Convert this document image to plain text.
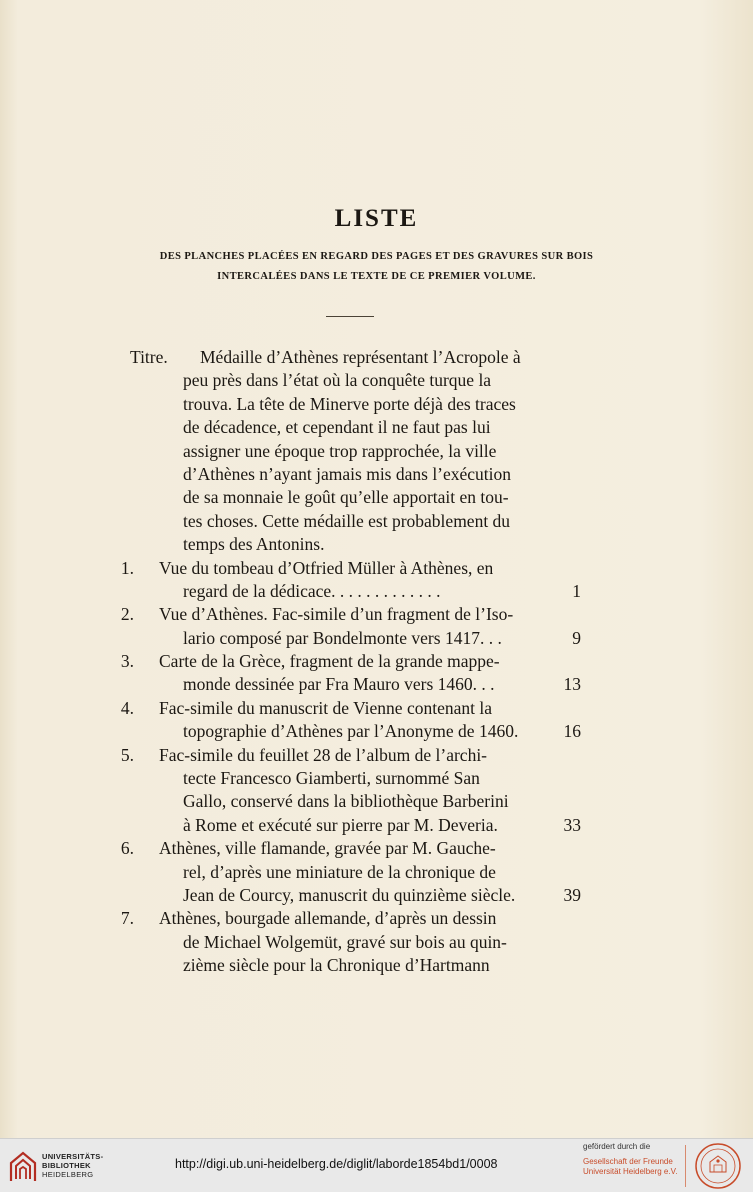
LISTE
DES PLANCHES PLACÉES EN REGARD DES PAGES ET DES GRAVURES SUR BOIS
INTERCALÉES DANS LE TEXTE DE CE PREMIER VOLUME.
Titre. Médaille d’Athènes représentant l’Acropole à
peu près dans l’état où la conquête turque la
trouva. La tête de Minerve porte déjà des traces
de décadence, et cependant il ne faut pas lui
assigner une époque trop rapprochée, la ville
d’Athènes n’ayant jamais mis dans l’exécution
de sa monnaie le goût qu’elle apportait en tou-
tes choses. Cette médaille est probablement du
temps des Antonins.
1. Vue du tombeau d’Otfried Müller à Athènes, en
regard de la dédicace. . . . . . . . . . . . .	1
2. Vue d’Athènes. Fac-simile d’un fragment de l’Iso-
lario composé par Bondelmonte vers 1417. . .	9
3. Carte de la Grèce, fragment de la grande mappe-
monde dessinée par Fra Mauro vers 1460. . .	13
4. Fac-simile du manuscrit de Vienne contenant la
topographie d’Athènes par l’Anonyme de 1460.	16
5. Fac-simile du feuillet 28 de l’album de l’archi-
tecte Francesco Giamberti, surnommé San
Gallo, conservé dans la bibliothèque Barberini
à Rome et exécuté sur pierre par M. Deveria.	33
6. Athènes, ville flamande, gravée par M. Gauche-
rel, d’après une miniature de la chronique de
Jean de Courcy, manuscrit du quinzième siècle.	39
7. Athènes, bourgade allemande, d’après un dessin
de Michael Wolgemüt, gravé sur bois au quin-
zième siècle pour la Chronique d’Hartmann
UNIVERSITÄTS-
BIBLIOTHEK
HEIDELBERG
http://digi.ub.uni-heidelberg.de/diglit/laborde1854bd1/0008
gefördert durch die
Gesellschaft der Freunde
Universität Heidelberg e.V.
